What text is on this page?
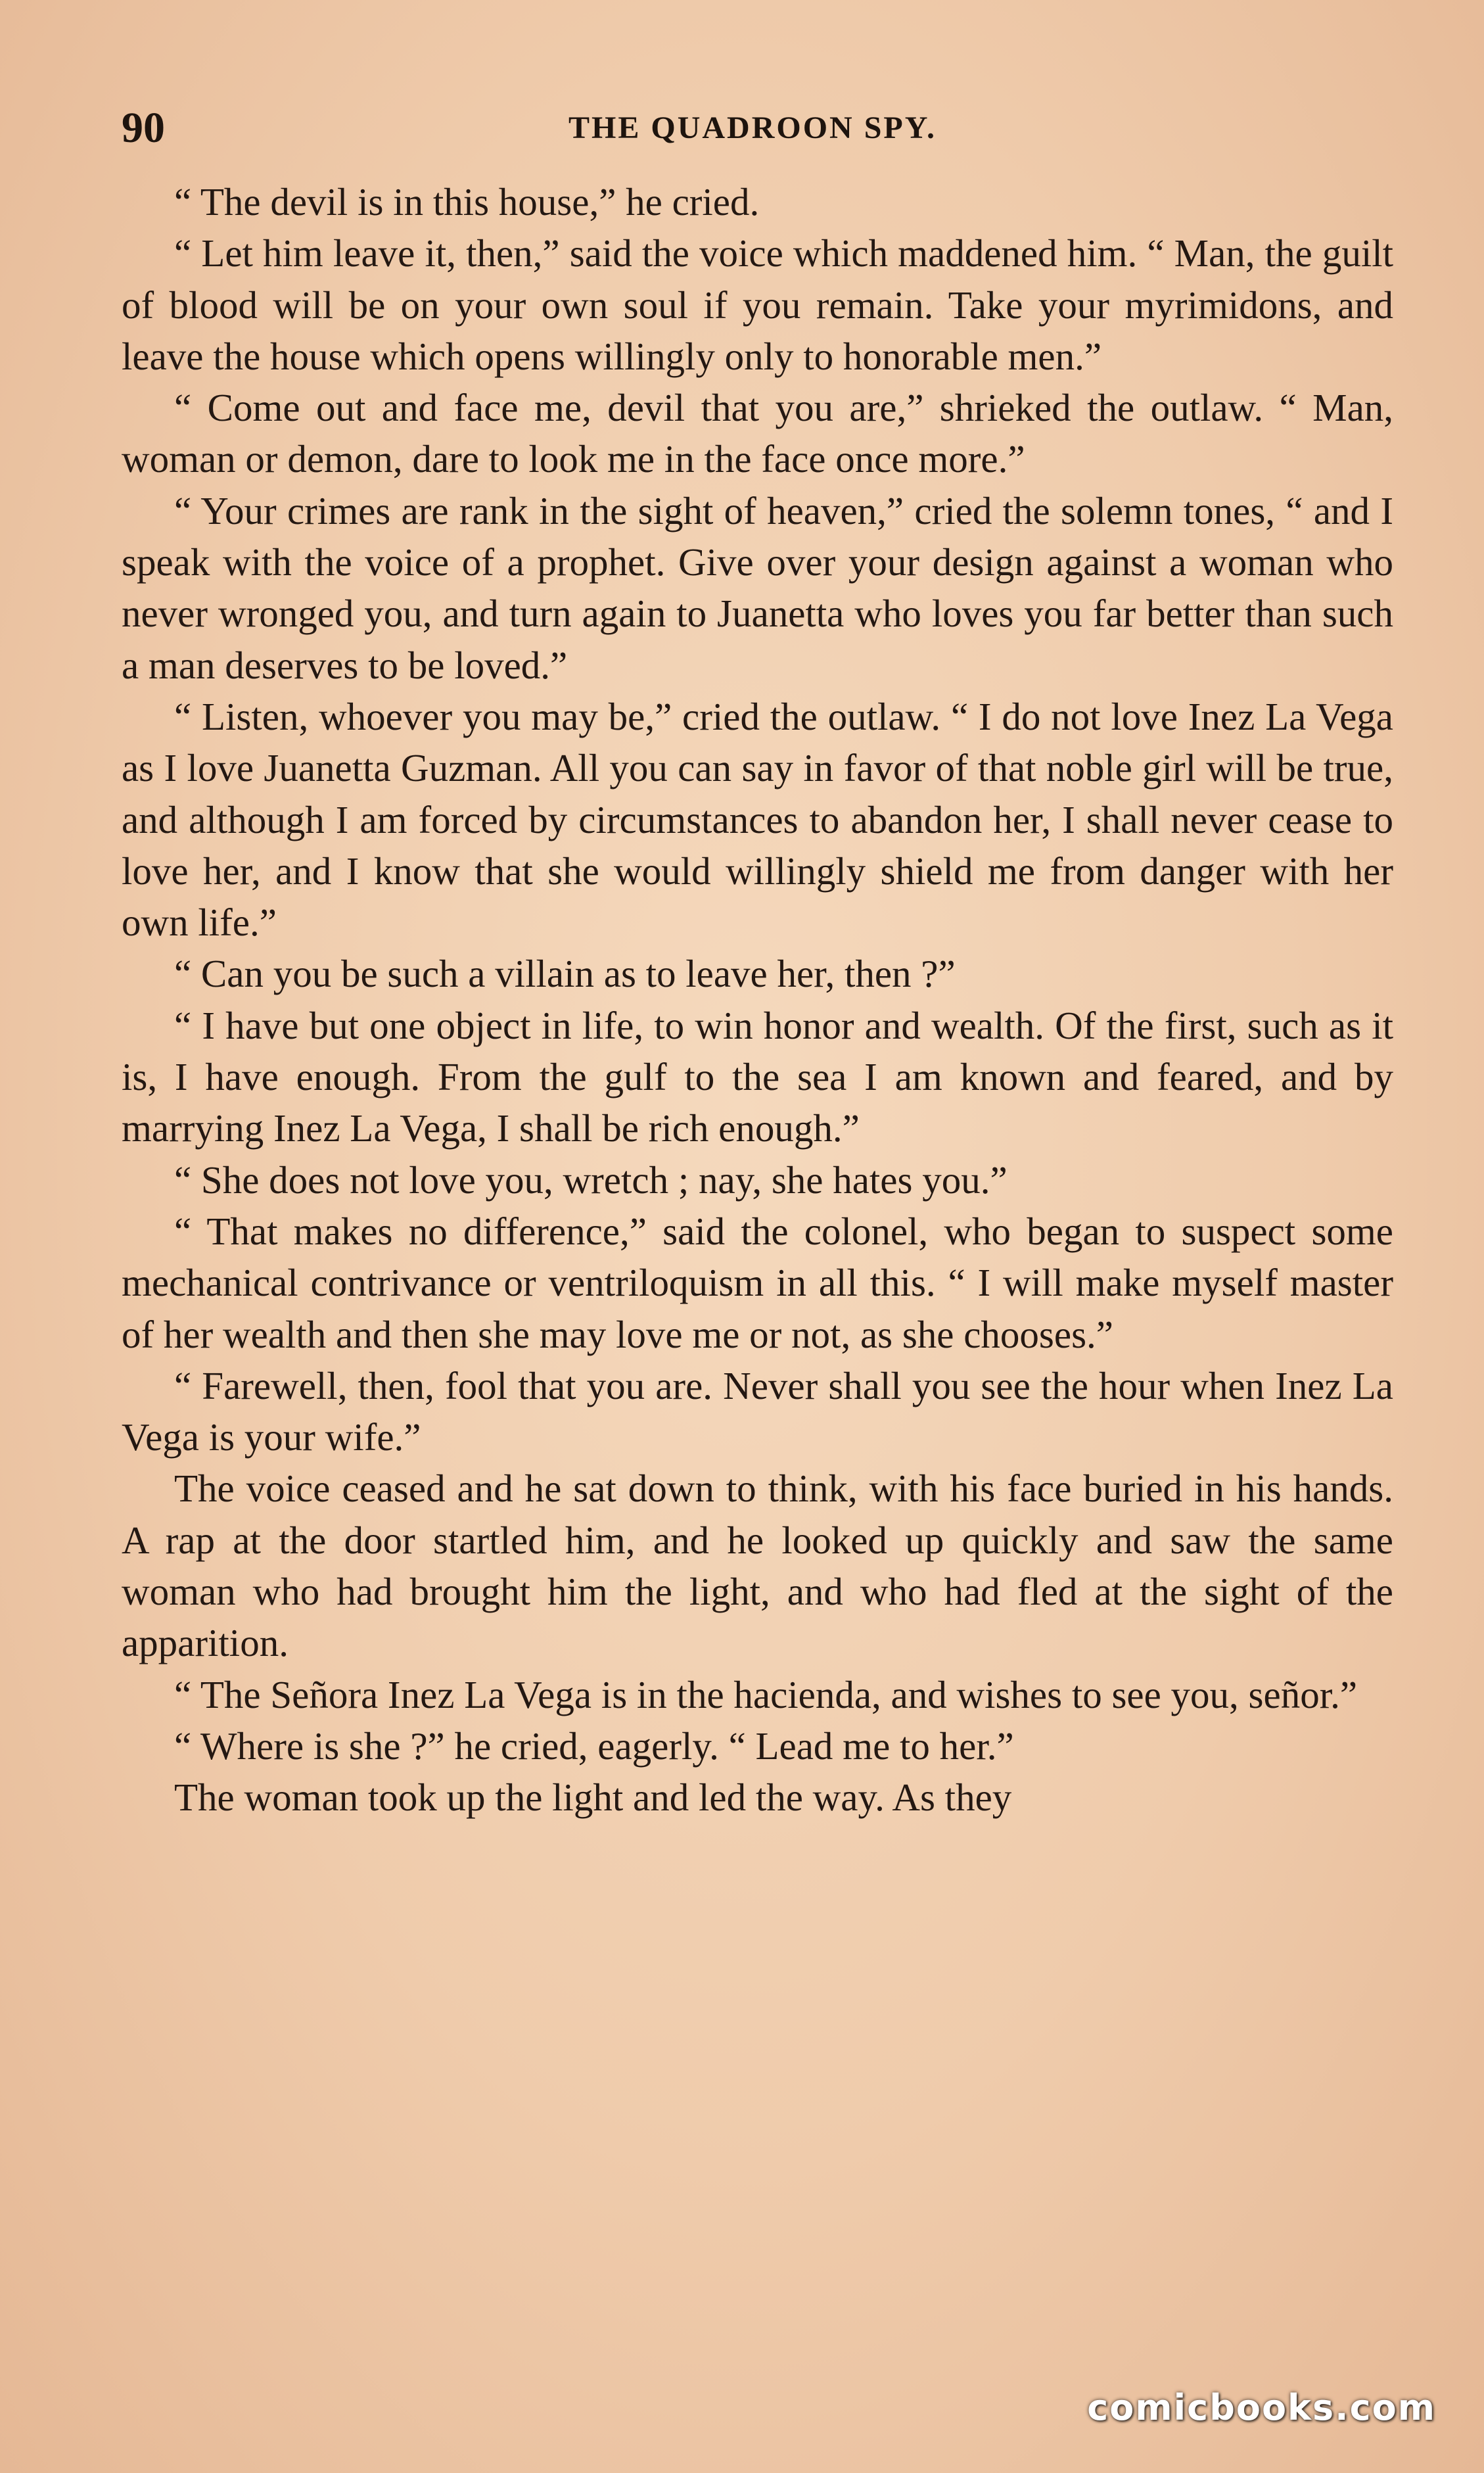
90	THE QUADROON SPY.

“ The devil is in this house,” he cried.

“ Let him leave it, then,” said the voice which maddened him. “ Man, the guilt of blood will be on your own soul if you remain. Take your myrimidons, and leave the house which opens willingly only to honorable men.”

“ Come out and face me, devil that you are,” shrieked the outlaw. “ Man, woman or demon, dare to look me in the face once more.”

“ Your crimes are rank in the sight of heaven,” cried the solemn tones, “ and I speak with the voice of a prophet. Give over your design against a woman who never wronged you, and turn again to Juanetta who loves you far better than such a man deserves to be loved.”

“ Listen, whoever you may be,” cried the outlaw. “ I do not love Inez La Vega as I love Juanetta Guzman. All you can say in favor of that noble girl will be true, and although I am forced by circumstances to abandon her, I shall never cease to love her, and I know that she would willingly shield me from danger with her own life.”

“ Can you be such a villain as to leave her, then ?”

“ I have but one object in life, to win honor and wealth. Of the first, such as it is, I have enough. From the gulf to the sea I am known and feared, and by marrying Inez La Vega, I shall be rich enough.”

“ She does not love you, wretch ; nay, she hates you.”

“ That makes no difference,” said the colonel, who began to suspect some mechanical contrivance or ventriloquism in all this. “ I will make myself master of her wealth and then she may love me or not, as she chooses.”

“ Farewell, then, fool that you are. Never shall you see the hour when Inez La Vega is your wife.”

The voice ceased and he sat down to think, with his face buried in his hands. A rap at the door startled him, and he looked up quickly and saw the same woman who had brought him the light, and who had fled at the sight of the apparition.

“ The Señora Inez La Vega is in the hacienda, and wishes to see you, señor.”

“ Where is she ?” he cried, eagerly. “ Lead me to her.”

The woman took up the light and led the way. As they

comicbooks.com
